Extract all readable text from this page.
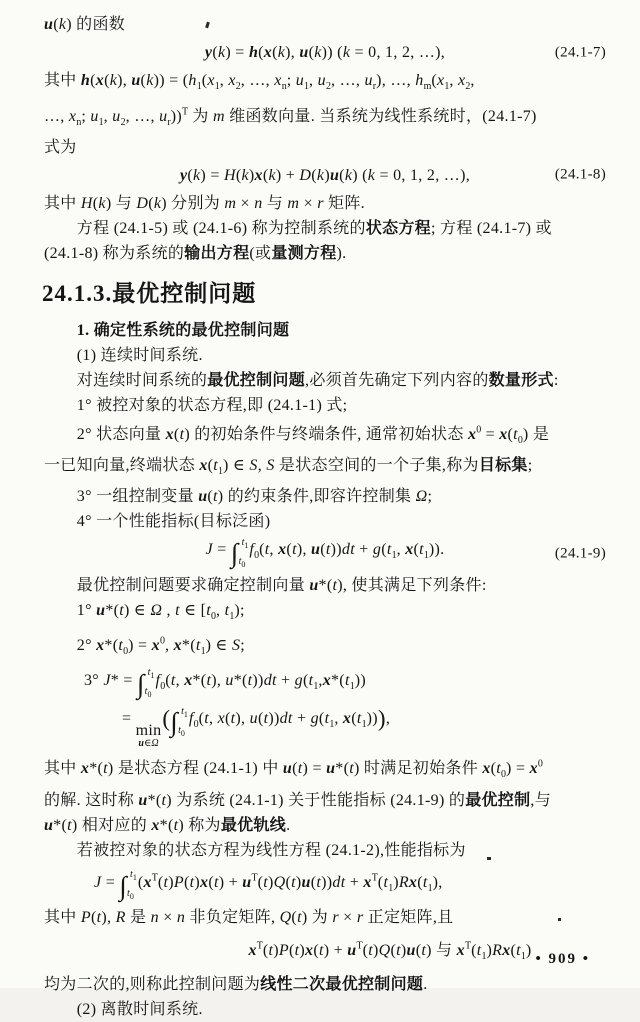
u(k) 的函数
y(k) = h(x(k), u(k)) (k = 0, 1, 2, …),	(24.1-7)
其中 h(x(k), $u(k)) = (h_1(x_1$, $x_2$, …, $x_n$; $u_1$, $u_2$, …, $u_r$), …, $h_m(x_1$, $x_2$,
…, $x_n$; $u_1$, $u_2$, …, $u_r))^T$ 为 m 维函数向量. 当系统为线性系统时，(24.1-7)
式为
y(k) = H(k)x(k) + D(k)u(k) (k = 0, 1, 2, …),	(24.1-8)
其中 H(k) 与 D(k) 分别为 m × n 与 m × r 矩阵.
方程 (24.1-5) 或 (24.1-6) 称为控制系统的状态方程; 方程 (24.1-7) 或
(24.1-8) 称为系统的输出方程(或量测方程).
24.1.3.最优控制问题
1. 确定性系统的最优控制问题
(1) 连续时间系统.
对连续时间系统的最优控制问题,必须首先确定下列内容的数量形式:
1° 被控对象的状态方程,即 (24.1-1) 式;
2° 状态向量 x(t) 的初始条件与终端条件, 通常初始状态 $x^0 = x(t_0)$ 是
一已知向量,终端状态 $x(t_1)$ ∈ S, S 是状态空间的一个子集,称为目标集;
3° 一组控制变量 u(t) 的约束条件,即容许控制集 Ω;
4° 一个性能指标(目标泛函)
J = ∫ $t_1$
$t_0$
$f_0(t$, x(t), $u(t))dt + g(t_1$, $x(t_1)$).	(24.1-9)
最优控制问题要求确定控制向量 u*(t), 使其满足下列条件:
1° u*(t) ∈ Ω , t ∈ [$t_0$, $t_1$);
2° $x*(t_0) = x^0$, $x*(t_1)$ ∈ S;
3° J* = ∫ $t_1$
$t_0$
$f_0(t$, x*(t), $u*(t))dt + g(t_1,x*(t_1))$
=
min
u∈Ω
( ∫ $t_1$
$t_0$
$f_0(t$, x(t), $u(t))dt + g(t_1$, $x(t_1)$)),
其中 x*(t) 是状态方程 (24.1-1) 中 u(t) = u*(t) 时满足初始条件 $x(t_0) = x^0$
的解. 这时称 u*(t) 为系统 (24.1-1) 关于性能指标 (24.1-9) 的最优控制,与
u*(t) 相对应的 x*(t) 称为最优轨线.
若被控对象的状态方程为线性方程 (24.1-2),性能指标为
J = ∫ $t_1$
$t_0$
$(x^T(t)P(t)x(t) + u^T(t)Q(t)u(t))dt + x^T(t_1)Rx(t_1)$,
其中 P(t), R 是 n × n 非负定矩阵, Q(t) 为 r × r 正定矩阵,且
$x^T(t)P(t)x(t) + u^T(t)Q(t)u(t)$ 与 $x^T(t_1)Rx(t_1)$
均为二次的,则称此控制问题为线性二次最优控制问题.
(2) 离散时间系统.
• 909 •
